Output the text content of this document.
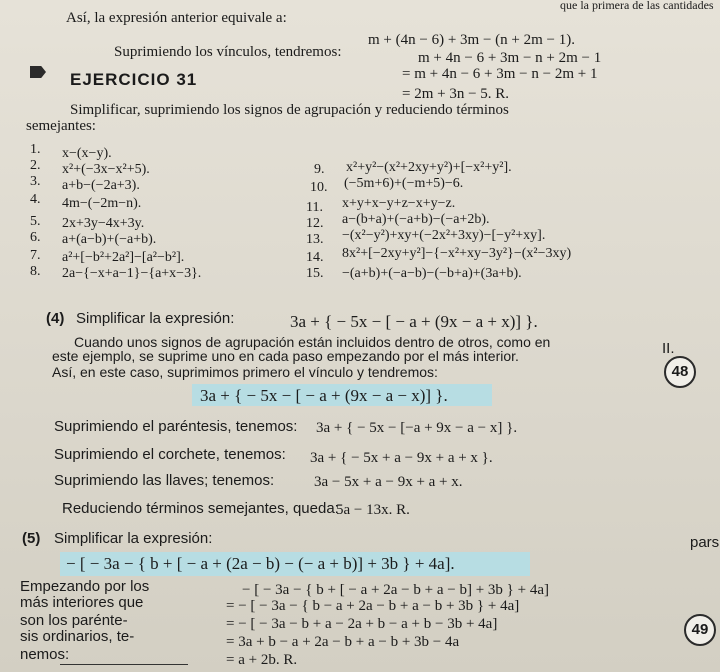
que la primera de las cantidades
Así, la expresión anterior equivale a:
m + (4n − 6) + 3m − (n + 2m − 1).
Suprimiendo los vínculos, tendremos:	m + 4n − 6 + 3m − n + 2m − 1
= m + 4n − 6 + 3m − n − 2m + 1
= 2m + 3n − 5. R.
EJERCICIO 31
Simplificar, suprimiendo los signos de agrupación y reduciendo términos
semejantes:
1. x−(x−y).
2. x²+(−3x−x²+5).
3. a+b−(−2a+3).
4. 4m−(−2m−n).
5. 2x+3y−4x+3y.
6. a+(a−b)+(−a+b).
7. a²+[−b²+2a²]−[a²−b²].
8. 2a−{−x+a−1}−{a+x−3}.
9. x²+y²−(x²+2xy+y²)+[−x²+y²].
10. (−5m+6)+(−m+5)−6.
11. x+y+x−y+z−x+y−z.
12. a−(b+a)+(−a+b)−(−a+2b).
13. −(x²−y²)+xy+(−2x²+3xy)−[−y²+xy].
14. 8x²+[−2xy+y²]−{−x²+xy−3y²}−(x²−3xy)
15. −(a+b)+(−a−b)−(−b+a)+(3a+b).
(4) Simplificar la expresión:	3a + { − 5x − [ − a + (9x − a + x)] }.
Cuando unos signos de agrupación están incluidos dentro de otros, como en
este ejemplo, se suprime uno en cada paso empezando por el más interior.
Así, en este caso, suprimimos primero el vínculo y tendremos:
3a + { − 5x − [ − a + (9x − a − x)] }.
Suprimiendo el paréntesis, tenemos: 3a + { − 5x − [−a + 9x − a − x] }.
Suprimiendo el corchete, tenemos: 3a + { − 5x + a − 9x + a + x }.
Suprimiendo las llaves; tenemos:	3a − 5x + a − 9x + a + x.
Reduciendo términos semejantes, queda:
5a − 13x. R.
(5) Simplificar la expresión:
− [ − 3a − { b + [ − a + (2a − b) − (− a + b)] + 3b } + 4a].
Empezando por los
más interiores que
son los parénte-
sis ordinarios, te-
nemos:
− [ − 3a − { b + [ − a + 2a − b + a − b] + 3b } + 4a]
= − [ − 3a − { b − a + 2a − b + a − b + 3b } + 4a]
= − [ − 3a − b + a − 2a + b − a + b − 3b + 4a]
= 3a + b − a + 2a − b + a − b + 3b − 4a
= a + 2b. R.
II.
48
pars
49
